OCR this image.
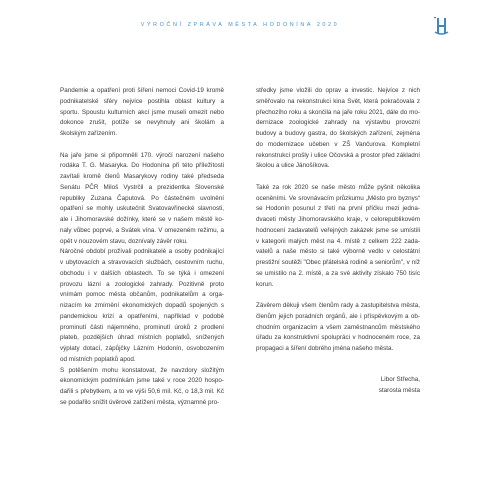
VÝROČNÍ ZPRÁVA MĚSTA HODONÍNA 2020

Pandemie a opatření proti šíření nemoci Covid-19 kromě podnikatelské sféry nejvíce postihla oblast kultury a sportu. Spoustu kulturních akcí jsme museli omezit nebo dokonce zrušit, potíže se nevyhnuly ani školám a školským zařízením.

Na jaře jsme si připomněli 170. výročí narození našeho rodáka T. G. Masaryka. Do Hodonína při této příležitosti zavítali kromě členů Masarykovy rodiny také předseda Senátu PČR Miloš Vystrčil a prezidentka Slovenské republiky Zuzana Čaputová. Po částečném uvolnění opatření se mohly uskutečnit Svatovavřinecké slavnosti, ale i Jihomoravské dožínky, které se v našem městě konaly vůbec poprvé, a Svátek vína. V omezeném režimu, a opět v nouzovém stavu, doznívaly závěr roku.

Náročné období prožívali podnikatelé a osoby podnikající v ubytovacích a stravovacích službách, cestovním ruchu, obchodu i v dalších oblastech. To se týká i omezení provozu lázní a zoologické zahrady. Pozitivně proto vnímám pomoc města občanům, podnikatelům a organizacím ke zmírnění ekonomických dopadů spojených s pandemickou krizí a opatřeními, například v podobě prominutí části nájemného, prominutí úroků z prodlení plateb, pozdějších úhrad místních poplatků, snížených výplaty dotací, zápůjčky Lázním Hodonín, osvobozením od místních poplatků apod.

S potěšením mohu konstatovat, že navzdory složitým ekonomickým podmínkám jsme také v roce 2020 hospodařili s přebytkem, a to ve výši 50,6 mil. Kč, o 18,3 mil. Kč se podařilo snížit úvěrové zatížení města, významné pro-

středky jsme vložili do oprav a investic. Nejvíce z nich směřovalo na rekonstrukci kina Svět, která pokračovala z přechozího roku a skončila na jaře roku 2021, dále do modernizace zoologické zahrady na výstavbu provozní budovy a budovy gastra, do školských zařízení, zejména do modernizace učeben v ZŠ Vančurova. Kompletní rekonstrukcí prošly i ulice Očovská a prostor před základní školou a ulice Jánošíkova.

Také za rok 2020 se naše město může pyšnit několika oceněními. Ve srovnávacím průzkumu „Město pro byznys“ se Hodonín posunul z třetí na první příčku mezi jednadvaceti městy Jihomoravského kraje, v celorepublikovém hodnocení zadavatelů veřejných zakázek jsme se umístili v kategorii malých měst na 4. místě z celkem 222 zadavatelů a naše město si také výborně vedlo v celostátní prestižní soutěži "Obec přátelská rodině a seniorům", v níž se umístilo na 2. místě, a za své aktivity získalo 750 tisíc korun.

Závěrem děkuji všem členům rady a zastupitelstva města, členům jejich poradních orgánů, ale i příspěvkovým a obchodním organizacím a všem zaměstnancům městského úřadu za konstruktivní spolupráci v hodnoceném roce, za propagaci a šíření dobrého jména našeho města.

Libor Střecha,
starosta města
